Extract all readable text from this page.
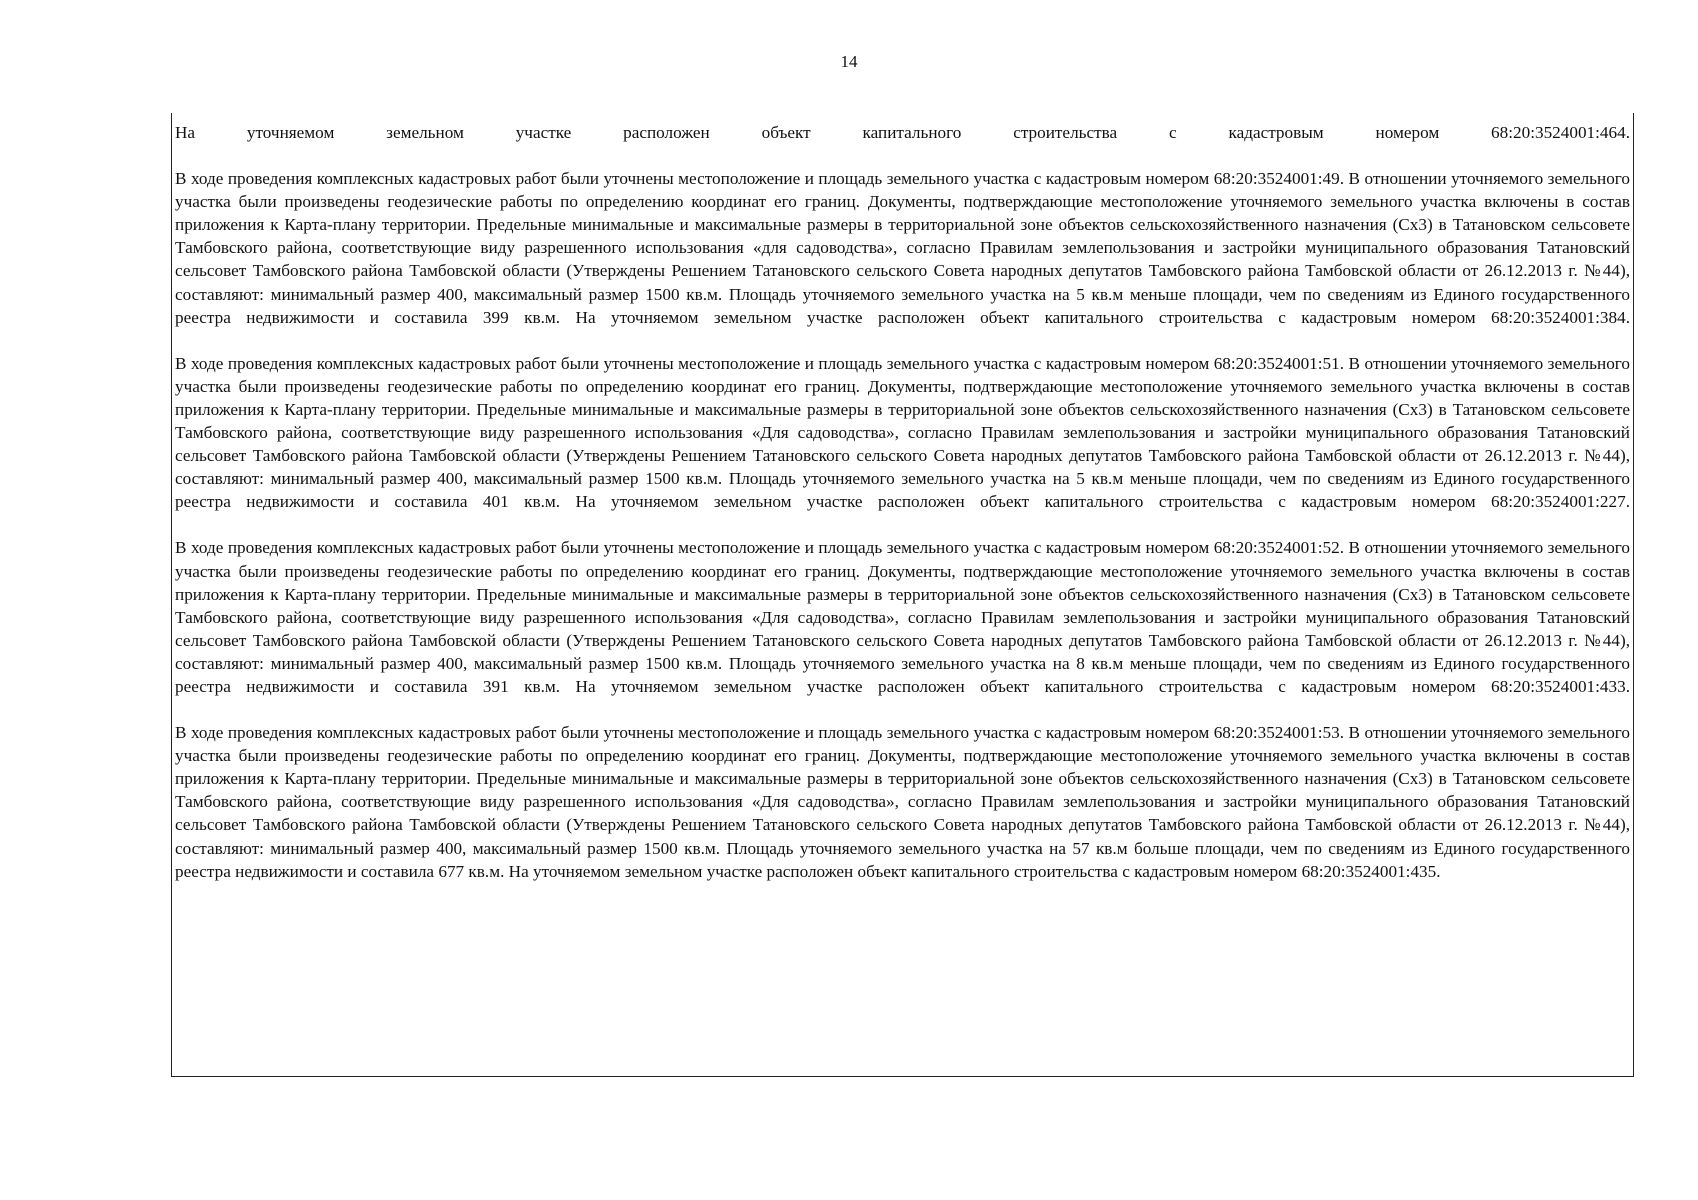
14

На уточняемом земельном участке расположен объект капитального строительства с кадастровым номером 68:20:3524001:464.

В ходе проведения комплексных кадастровых работ были уточнены местоположение и площадь земельного участка с кадастровым номером 68:20:3524001:49. В отношении уточняемого земельного участка были произведены геодезические работы по определению координат его границ. Документы, подтверждающие местоположение уточняемого земельного участка включены в состав приложения к Карта-плану территории. Предельные минимальные и максимальные размеры в территориальной зоне объектов сельскохозяйственного назначения (Сх3) в Татановском сельсовете Тамбовского района, соответствующие виду разрешенного использования «для садоводства», согласно Правилам землепользования и застройки муниципального образования Татановский сельсовет Тамбовского района Тамбовской области (Утверждены Решением Татановского сельского Совета народных депутатов Тамбовского района Тамбовской области от 26.12.2013 г. №44), составляют: минимальный размер 400, максимальный размер 1500 кв.м. Площадь уточняемого земельного участка на 5 кв.м меньше площади, чем по сведениям из Единого государственного реестра недвижимости и составила 399 кв.м. На уточняемом земельном участке расположен объект капитального строительства с кадастровым номером 68:20:3524001:384.

В ходе проведения комплексных кадастровых работ были уточнены местоположение и площадь земельного участка с кадастровым номером 68:20:3524001:51. В отношении уточняемого земельного участка были произведены геодезические работы по определению координат его границ. Документы, подтверждающие местоположение уточняемого земельного участка включены в состав приложения к Карта-плану территории. Предельные минимальные и максимальные размеры в территориальной зоне объектов сельскохозяйственного назначения (Сх3) в Татановском сельсовете Тамбовского района, соответствующие виду разрешенного использования «Для садоводства», согласно Правилам землепользования и застройки муниципального образования Татановский сельсовет Тамбовского района Тамбовской области (Утверждены Решением Татановского сельского Совета народных депутатов Тамбовского района Тамбовской области от 26.12.2013 г. №44), составляют: минимальный размер 400, максимальный размер 1500 кв.м. Площадь уточняемого земельного участка на 5 кв.м меньше площади, чем по сведениям из Единого государственного реестра недвижимости и составила 401 кв.м. На уточняемом земельном участке расположен объект капитального строительства с кадастровым номером 68:20:3524001:227.

В ходе проведения комплексных кадастровых работ были уточнены местоположение и площадь земельного участка с кадастровым номером 68:20:3524001:52. В отношении уточняемого земельного участка были произведены геодезические работы по определению координат его границ. Документы, подтверждающие местоположение уточняемого земельного участка включены в состав приложения к Карта-плану территории. Предельные минимальные и максимальные размеры в территориальной зоне объектов сельскохозяйственного назначения (Сх3) в Татановском сельсовете Тамбовского района, соответствующие виду разрешенного использования «Для садоводства», согласно Правилам землепользования и застройки муниципального образования Татановский сельсовет Тамбовского района Тамбовской области (Утверждены Решением Татановского сельского Совета народных депутатов Тамбовского района Тамбовской области от 26.12.2013 г. №44), составляют: минимальный размер 400, максимальный размер 1500 кв.м. Площадь уточняемого земельного участка на 8 кв.м меньше площади, чем по сведениям из Единого государственного реестра недвижимости и составила 391 кв.м. На уточняемом земельном участке расположен объект капитального строительства с кадастровым номером 68:20:3524001:433.

В ходе проведения комплексных кадастровых работ были уточнены местоположение и площадь земельного участка с кадастровым номером 68:20:3524001:53. В отношении уточняемого земельного участка были произведены геодезические работы по определению координат его границ. Документы, подтверждающие местоположение уточняемого земельного участка включены в состав приложения к Карта-плану территории. Предельные минимальные и максимальные размеры в территориальной зоне объектов сельскохозяйственного назначения (Сх3) в Татановском сельсовете Тамбовского района, соответствующие виду разрешенного использования «Для садоводства», согласно Правилам землепользования и застройки муниципального образования Татановский сельсовет Тамбовского района Тамбовской области (Утверждены Решением Татановского сельского Совета народных депутатов Тамбовского района Тамбовской области от 26.12.2013 г. №44), составляют: минимальный размер 400, максимальный размер 1500 кв.м. Площадь уточняемого земельного участка на 57 кв.м больше площади, чем по сведениям из Единого государственного реестра недвижимости и составила 677 кв.м. На уточняемом земельном участке расположен объект капитального строительства с кадастровым номером 68:20:3524001:435.
